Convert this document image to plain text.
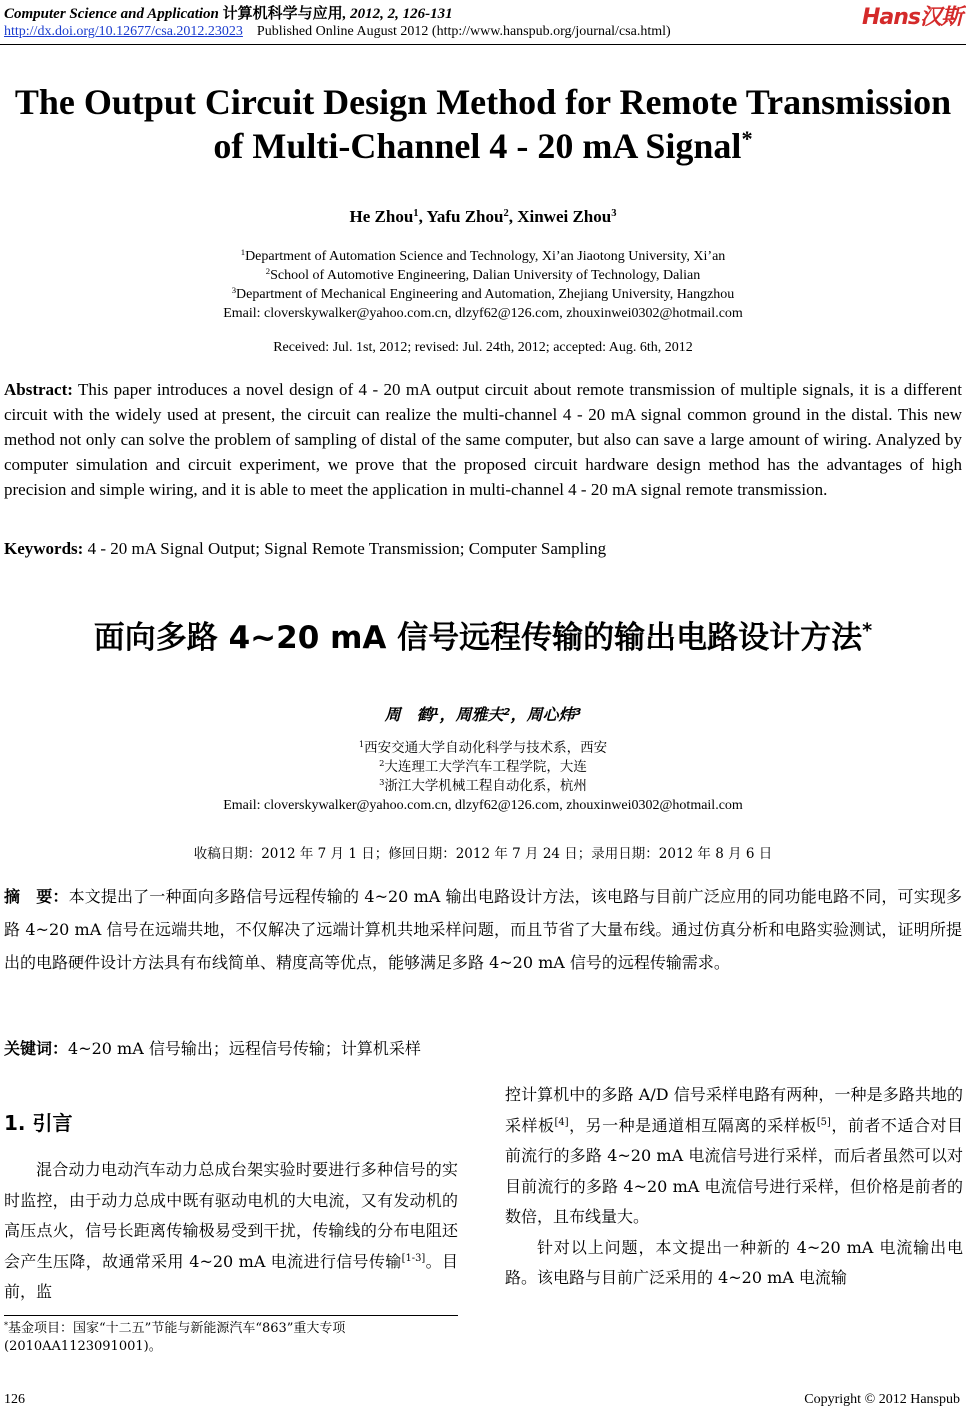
Computer Science and Application 计算机科学与应用, 2012, 2, 126-131
http://dx.doi.org/10.12677/csa.2012.23023 Published Online August 2012 (http://www.hanspub.org/journal/csa.html)
Hans汉斯
The Output Circuit Design Method for Remote Transmission
of Multi-Channel 4 - 20 mA Signal*
He Zhou$^1$, Yafu Zhou$^2$, Xinwei Zhou$^3$
$^1$Department of Automation Science and Technology, Xi’an Jiaotong University, Xi’an
$^2$School of Automotive Engineering, Dalian University of Technology, Dalian
$^3$Department of Mechanical Engineering and Automation, Zhejiang University, Hangzhou
Email: cloverskywalker@yahoo.com.cn, dlzyf62@126.com, zhouxinwei0302@hotmail.com
Received: Jul. 1st, 2012; revised: Jul. 24th, 2012; accepted: Aug. 6th, 2012
Abstract: This paper introduces a novel design of 4 - 20 mA output circuit about remote transmission of multiple signals, it is a different circuit with the widely used at present, the circuit can realize the multi-channel 4 - 20 mA signal common ground in the distal. This new method not only can solve the problem of sampling of distal of the same computer, but also can save a large amount of wiring. Analyzed by computer simulation and circuit experiment, we prove that the proposed circuit hardware design method has the advantages of high precision and simple wiring, and it is able to meet the application in multi-channel 4 - 20 mA signal remote transmission.
Keywords: 4 - 20 mA Signal Output; Signal Remote Transmission; Computer Sampling
面向多路 4~20 mA 信号远程传输的输出电路设计方法*
周　鹤$^1$，周雅夫$^2$，周心炜$^3$
$^1$西安交通大学自动化科学与技术系，西安
$^2$大连理工大学汽车工程学院，大连
$^3$浙江大学机械工程自动化系，杭州
Email: cloverskywalker@yahoo.com.cn, dlzyf62@126.com, zhouxinwei0302@hotmail.com
收稿日期：2012 年 7 月 1 日；修回日期：2012 年 7 月 24 日；录用日期：2012 年 8 月 6 日
摘　要：本文提出了一种面向多路信号远程传输的 4~20 mA 输出电路设计方法，该电路与目前广泛应用的同功能电路不同，可实现多路 4~20 mA 信号在远端共地，不仅解决了远端计算机共地采样问题，而且节省了大量布线。通过仿真分析和电路实验测试，证明所提出的电路硬件设计方法具有布线简单、精度高等优点，能够满足多路 4~20 mA 信号的远程传输需求。
关键词：4~20 mA 信号输出；远程信号传输；计算机采样
1. 引言

混合动力电动汽车动力总成台架实验时要进行多种信号的实时监控，由于动力总成中既有驱动电机的大电流，又有发动机的高压点火，信号长距离传输极易受到干扰，传输线的分布电阻还会产生压降，故通常采用 4~20 mA 电流进行信号传输[1-3]。目前，监

控计算机中的多路 A/D 信号采样电路有两种，一种是多路共地的采样板[4]，另一种是通道相互隔离的采样板[5]，前者不适合对目前流行的多路 4~20 mA 电流信号进行采样，而后者虽然可以对目前流行的多路 4~20 mA 电流信号进行采样，但价格是前者的数倍，且布线量大。

针对以上问题，本文提出一种新的 4~20 mA 电流输出电路。该电路与目前广泛采用的 4~20 mA 电流输

*基金项目：国家“十二五”节能与新能源汽车“863”重大专项(2010AA1123091001)。
126	Copyright © 2012 Hanspub
